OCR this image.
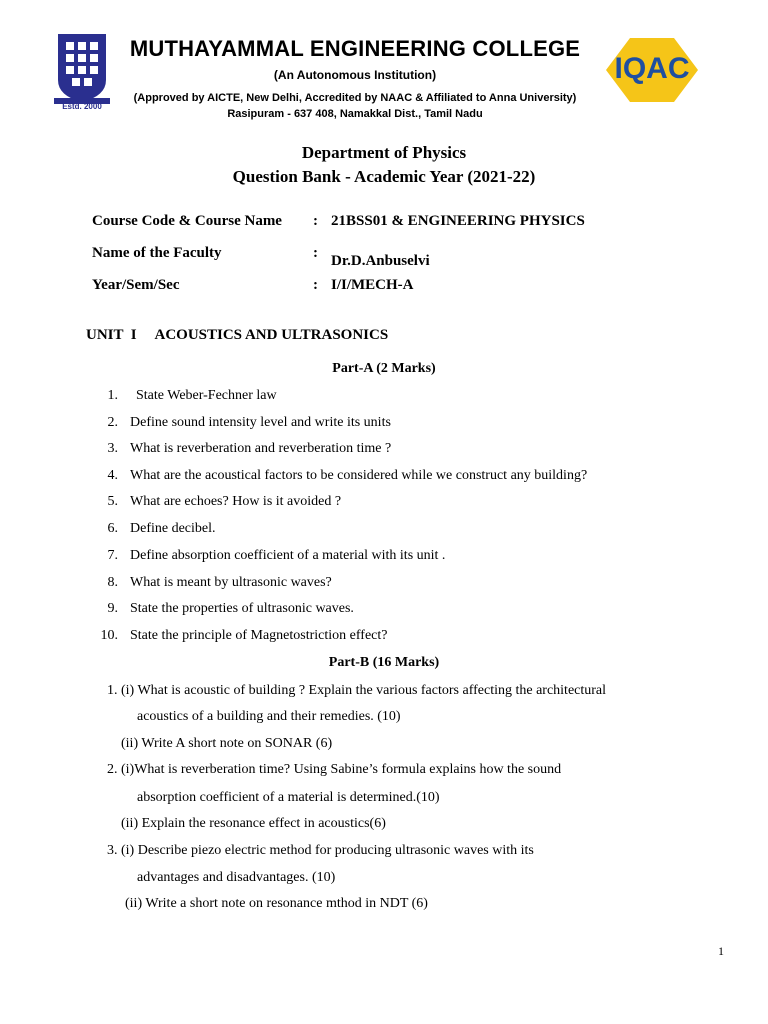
Estd. 2000
MUTHAYAMMAL ENGINEERING COLLEGE
(An Autonomous Institution)
(Approved by AICTE, New Delhi, Accredited by NAAC & Affiliated to Anna University)
Rasipuram - 637 408, Namakkal Dist., Tamil Nadu
IQAC
Department of Physics
Question Bank - Academic Year (2021-22)
Course Code & Course Name : 21BSS01 & ENGINEERING PHYSICS
Name of the Faculty	: Dr.D.Anbuselvi
Year/Sem/Sec	: I/I/MECH-A
UNIT  I     ACOUSTICS AND ULTRASONICS
Part-A (2 Marks)
1. State Weber-Fechner law
2. Define sound intensity level and write its units
3. What is reverberation and reverberation time ?
4. What are the acoustical factors to be considered while we construct any building?
5. What are echoes? How is it avoided ?
6. Define decibel.
7. Define absorption coefficient of a material with its unit .
8. What is meant by ultrasonic waves?
9. State the properties of ultrasonic waves.
10. State the principle of Magnetostriction effect?
Part-B (16 Marks)
1. (i) What is acoustic of building ? Explain the various factors affecting the architectural
acoustics of a building and their remedies. (10)
(ii) Write A short note on SONAR (6)
2. (i)What is reverberation time? Using Sabine’s formula explains how the sound
absorption coefficient of a material is determined.(10)
(ii) Explain the resonance effect in acoustics(6)
3. (i) Describe piezo electric method for producing ultrasonic waves with its
advantages and disadvantages. (10)
(ii) Write a short note on resonance mthod in NDT (6)
1
